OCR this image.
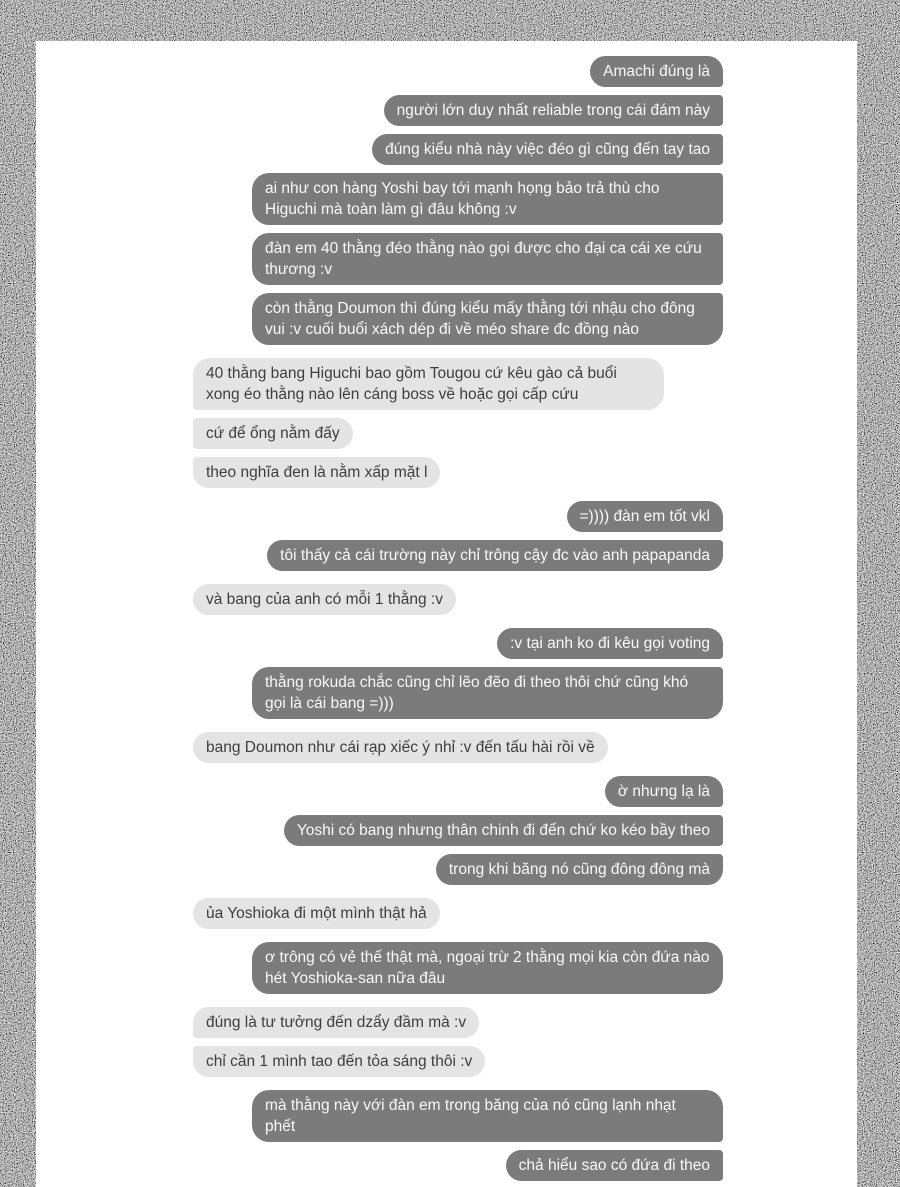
Amachi đúng là
người lớn duy nhất reliable trong cái đám này
đúng kiểu nhà này việc đéo gì cũng đến tay tao
ai như con hàng Yoshi bay tới mạnh họng bảo trả thù cho Higuchi mà toàn làm gì đâu không :v
đàn em 40 thằng đéo thằng nào gọi được cho đại ca cái xe cứu thương :v
còn thằng Doumon thì đúng kiểu mấy thằng tới nhậu cho đông vui :v cuối buổi xách dép đi về méo share đc đồng nào
40 thằng bang Higuchi bao gồm Tougou cứ kêu gào cả buổi xong éo thằng nào lên cáng boss về hoặc gọi cấp cứu
cứ để ổng nằm đấy
theo nghĩa đen là nằm xấp mặt l
=)))) đàn em tốt vkl
tôi thấy cả cái trường này chỉ trông cậy đc vào anh papapanda
và bang của anh có mỗi 1 thằng :v
:v tại anh ko đi kêu gọi voting
thằng rokuda chắc cũng chỉ lẽo đẽo đi theo thôi chứ cũng khó gọi là cái bang =)))
bang Doumon như cái rạp xiếc ý nhỉ :v đến tấu hài rồi về
ờ nhưng lạ là
Yoshi có bang nhưng thân chinh đi đến chứ ko kéo bầy theo
trong khi băng nó cũng đông đông mà
ủa Yoshioka đi một mình thật hả
ơ trông có vẻ thế thật mà, ngoại trừ 2 thằng mọi kia còn đứa nào hét Yoshioka-san nữa đâu
đúng là tư tưởng đến dzẩy đầm mà :v
chỉ cần 1 mình tao đến tỏa sáng thôi :v
mà thằng này với đàn em trong băng của nó cũng lạnh nhạt phết
chả hiểu sao có đứa đi theo
